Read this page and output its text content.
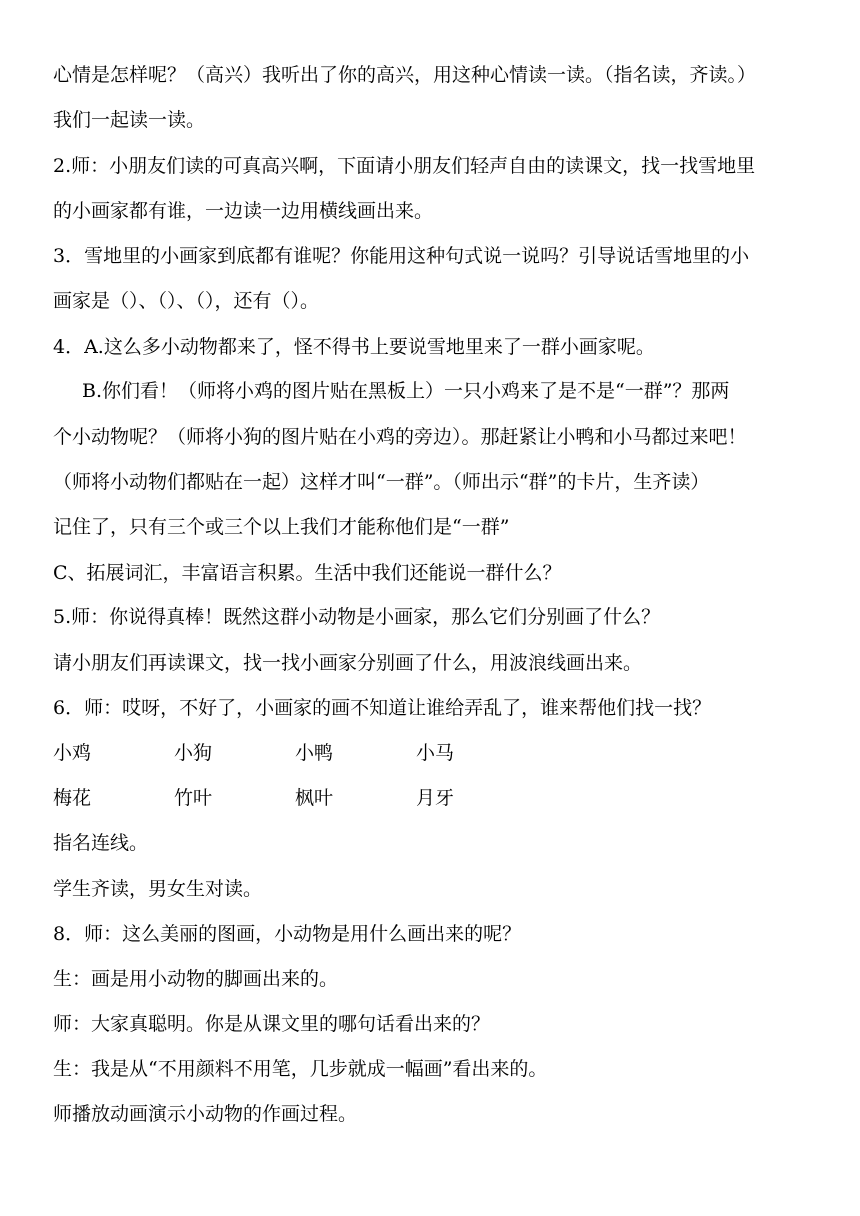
心情是怎样呢？（高兴）我听出了你的高兴，用这种心情读一读。（指名读，齐读。）
我们一起读一读。
2.师：小朋友们读的可真高兴啊，下面请小朋友们轻声自由的读课文，找一找雪地里
的小画家都有谁，一边读一边用横线画出来。
3．雪地里的小画家到底都有谁呢？你能用这种句式说一说吗？引导说话雪地里的小
画家是（）、（）、（），还有（）。
4．A.这么多小动物都来了，怪不得书上要说雪地里来了一群小画家呢。
B.你们看！（师将小鸡的图片贴在黑板上）一只小鸡来了是不是“一群”？那两
个小动物呢？（师将小狗的图片贴在小鸡的旁边）。那赶紧让小鸭和小马都过来吧！
（师将小动物们都贴在一起）这样才叫“一群”。（师出示“群”的卡片，生齐读）
记住了，只有三个或三个以上我们才能称他们是“一群”
C、拓展词汇，丰富语言积累。生活中我们还能说一群什么？
5.师：你说得真棒！既然这群小动物是小画家，那么它们分别画了什么？
请小朋友们再读课文，找一找小画家分别画了什么，用波浪线画出来。
6．师：哎呀，不好了，小画家的画不知道让谁给弄乱了，谁来帮他们找一找？
小鸡	小狗	小鸭	小马
梅花	竹叶	枫叶	月牙
指名连线。
学生齐读，男女生对读。
8．师：这么美丽的图画，小动物是用什么画出来的呢？
生：画是用小动物的脚画出来的。
师：大家真聪明。你是从课文里的哪句话看出来的？
生：我是从“不用颜料不用笔，几步就成一幅画”看出来的。
师播放动画演示小动物的作画过程。
